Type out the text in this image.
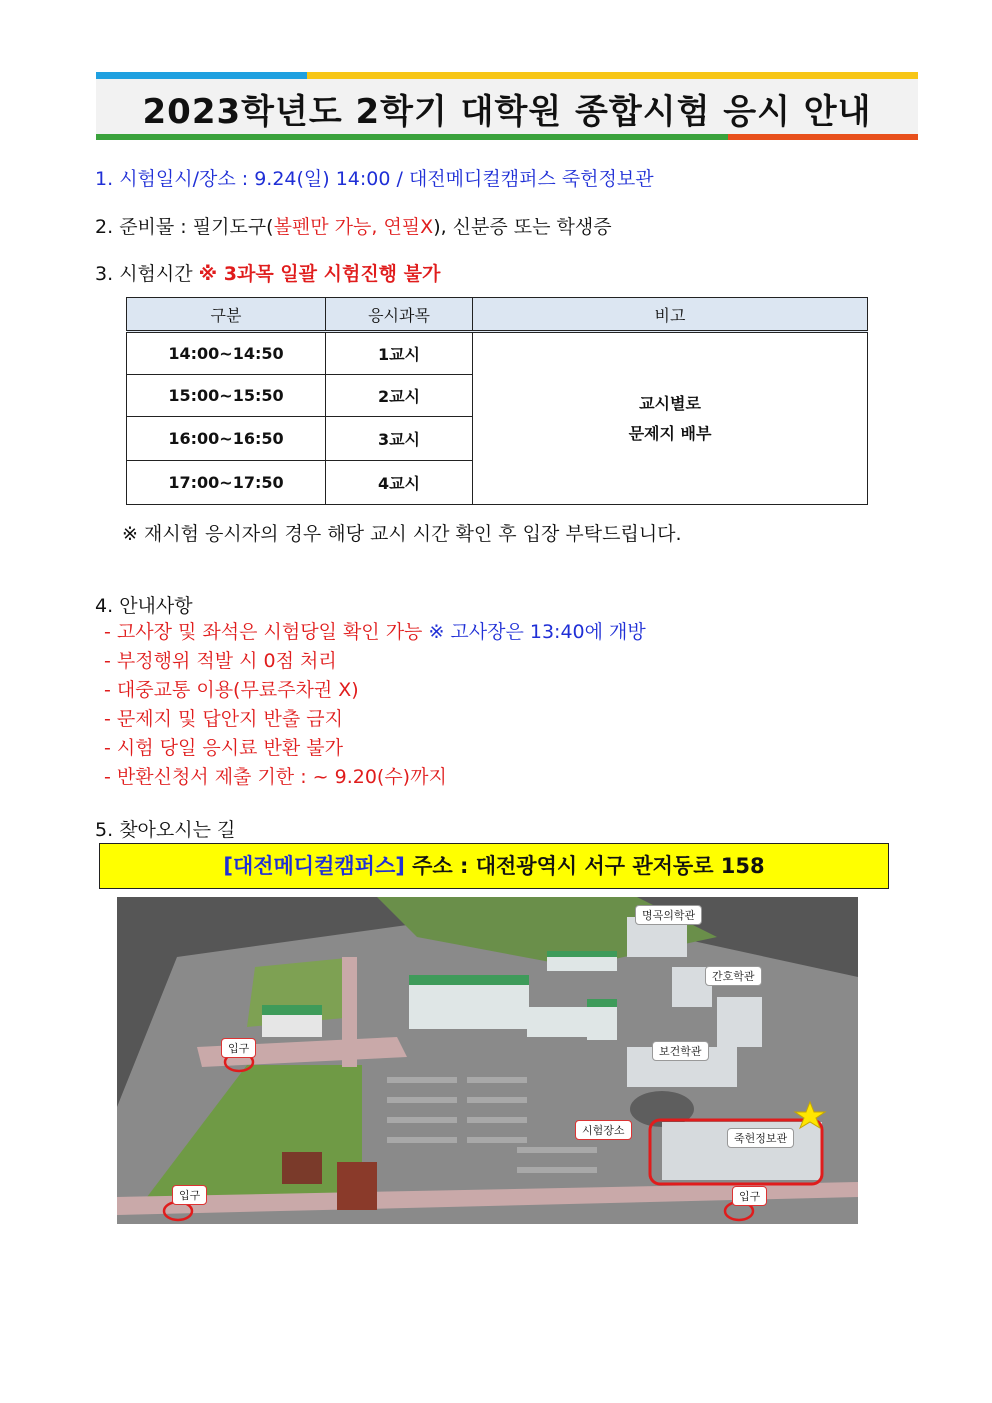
2023학년도 2학기 대학원 종합시험 응시 안내
1. 시험일시/장소 : 9.24(일) 14:00 / 대전메디컬캠퍼스 죽헌정보관
2. 준비물 : 필기도구(볼펜만 가능, 연필X), 신분증 또는 학생증
3. 시험시간 ※ 3과목 일괄 시험진행 불가
구분	응시과목	비고
14:00~14:50	1교시	교시별로
문제지 배부

15:00~15:50	2교시	
16:00~16:50	3교시	
17:00~17:50	4교시	
※ 재시험 응시자의 경우 해당 교시 시간 확인 후 입장 부탁드립니다.
4. 안내사항
- 고사장 및 좌석은 시험당일 확인 가능 ※ 고사장은 13:40에 개방
- 부정행위 적발 시 0점 처리
- 대중교통 이용(무료주차권 X)
- 문제지 및 답안지 반출 금지
- 시험 당일 응시료 반환 불가
- 반환신청서 제출 기한 : ~ 9.20(수)까지
5. 찾아오시는 길
[대전메디컬캠퍼스] 주소 : 대전광역시 서구 관저동로 158
명곡의학관
간호학관
보건학관
죽헌정보관
입구
입구	입구
시험장소
